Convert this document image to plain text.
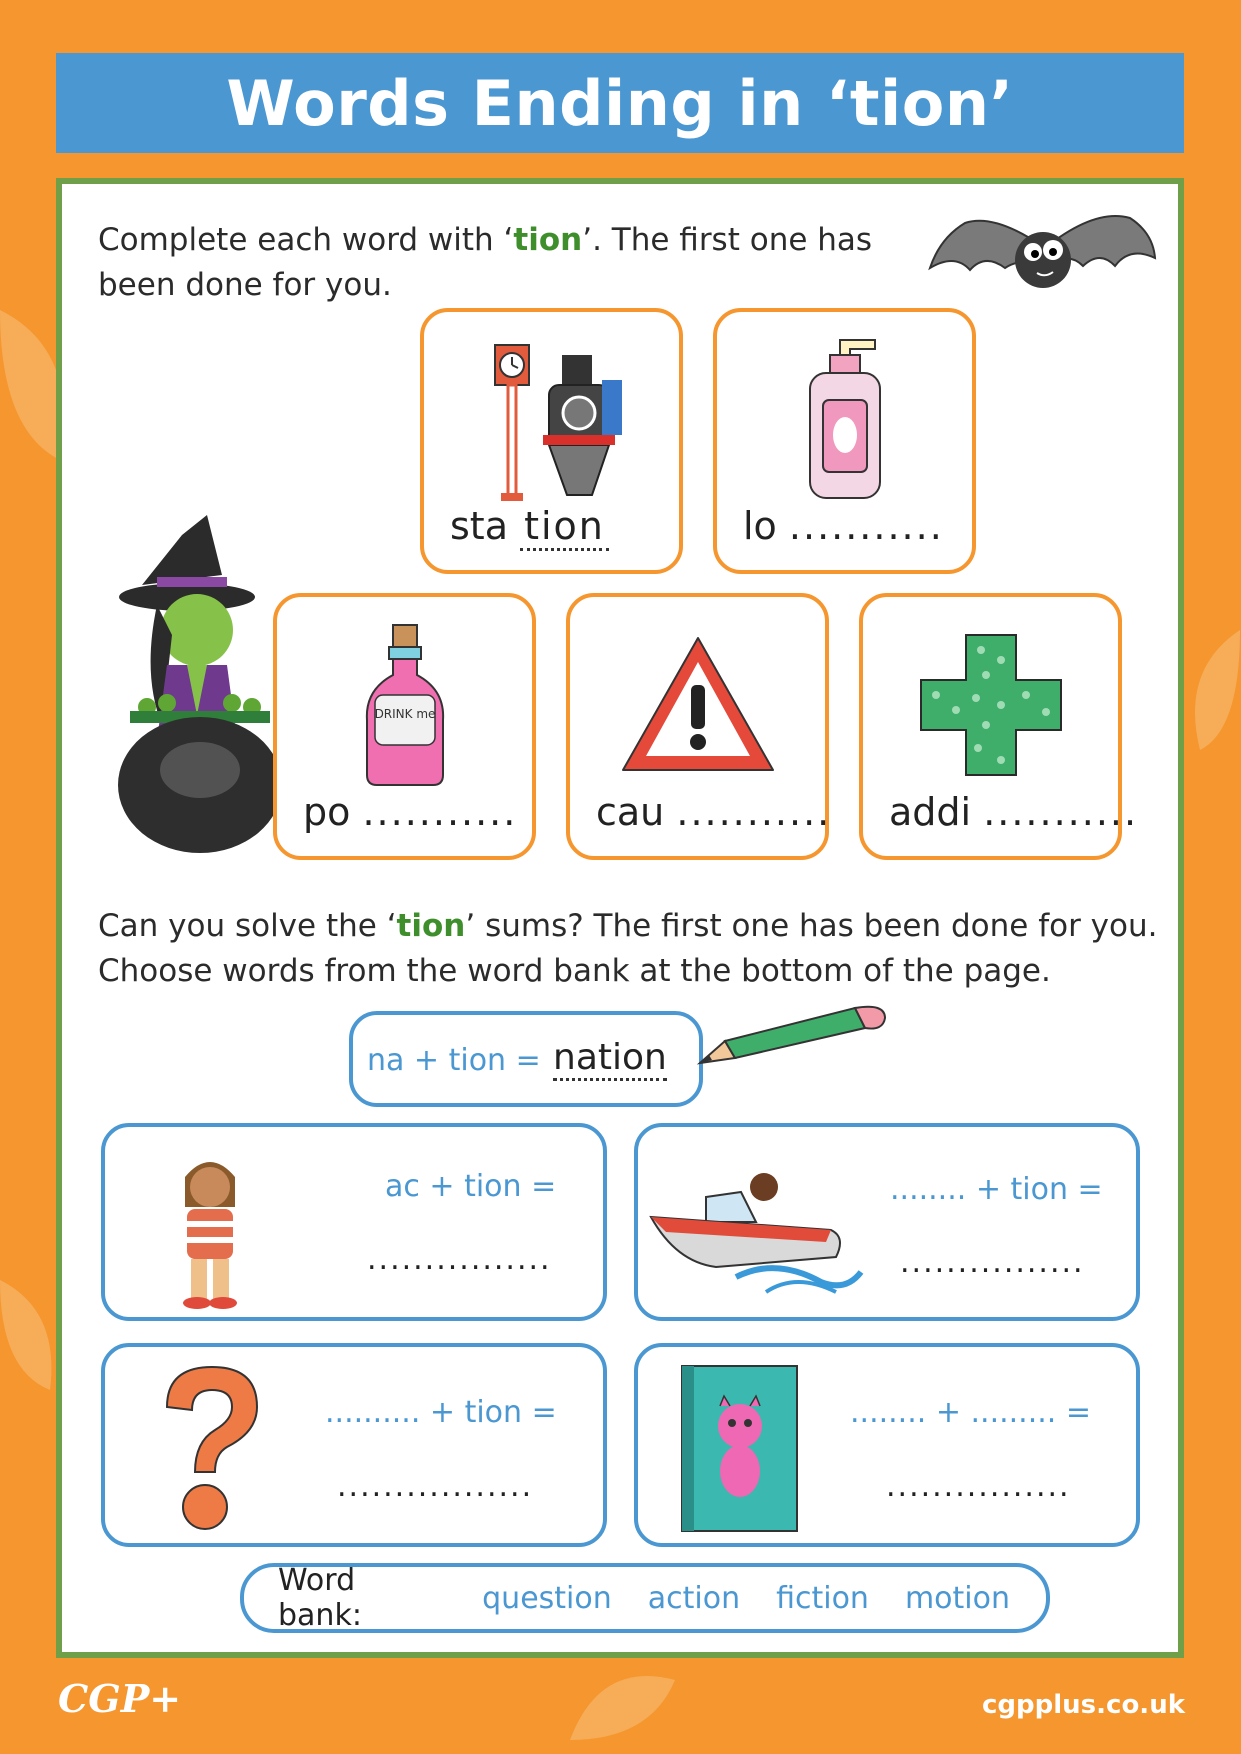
Words Ending in ‘tion’

Complete each word with ‘tion’. The first one has
been done for you.

sta tion	lo ...........
DRINK me
po ........... cau ........... addi ...........

Can you solve the ‘tion’ sums? The first one has been done for you.
Choose words from the word bank at the bottom of the page.

na + tion = nation
ac + tion =
................
........ + tion =
................
.......... + tion =
.................
........ + ......... =
................
Word bank:	question action fiction motion
CGP+	cgpplus.co.uk
